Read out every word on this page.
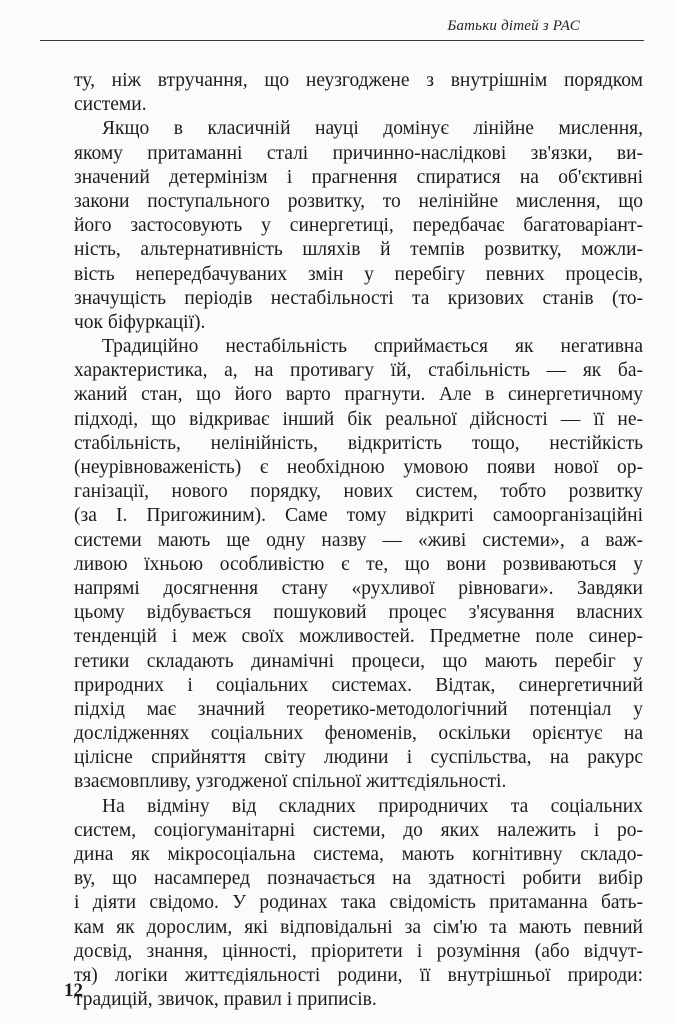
Батьки дітей з РАС
ту, ніж втручання, що неузгоджене з внутрішнім порядком
системи.
Якщо в класичній науці домінує лінійне мислення,
якому притаманні сталі причинно-наслідкові зв'язки, ви-
значений детермінізм і прагнення спиратися на об'єктивні
закони поступального розвитку, то нелінійне мислення, що
його застосовують у синергетиці, передбачає багатоваріант-
ність, альтернативність шляхів й темпів розвитку, можли-
вість непередбачуваних змін у перебігу певних процесів,
значущість періодів нестабільності та кризових станів (то-
чок біфуркації).
Традиційно нестабільність сприймається як негативна
характеристика, а, на противагу їй, стабільність — як ба-
жаний стан, що його варто прагнути. Але в синергетичному
підході, що відкриває інший бік реальної дійсності — її не-
стабільність, нелінійність, відкритість тощо, нестійкість
(неурівноваженість) є необхідною умовою появи нової ор-
ганізації, нового порядку, нових систем, тобто розвитку
(за І. Пригожиним). Саме тому відкриті самоорганізаційні
системи мають ще одну назву — «живі системи», а важ-
ливою їхньою особливістю є те, що вони розвиваються у
напрямі досягнення стану «рухливої рівноваги». Завдяки
цьому відбувається пошуковий процес з'ясування власних
тенденцій і меж своїх можливостей. Предметне поле синер-
гетики складають динамічні процеси, що мають перебіг у
природних і соціальних системах. Відтак, синергетичний
підхід має значний теоретико-методологічний потенціал у
дослідженнях соціальних феноменів, оскільки орієнтує на
цілісне сприйняття світу людини і суспільства, на ракурс
взаємовпливу, узгодженої спільної життєдіяльності.
На відміну від складних природничих та соціальних
систем, соціогуманітарні системи, до яких належить і ро-
дина як мікросоціальна система, мають когнітивну складо-
ву, що насамперед позначається на здатності робити вибір
і діяти свідомо. У родинах така свідомість притаманна бать-
кам як дорослим, які відповідальні за сім'ю та мають певний
досвід, знання, цінності, пріоритети і розуміння (або відчут-
тя) логіки життєдіяльності родини, її внутрішньої природи:
традицій, звичок, правил і приписів.
12
